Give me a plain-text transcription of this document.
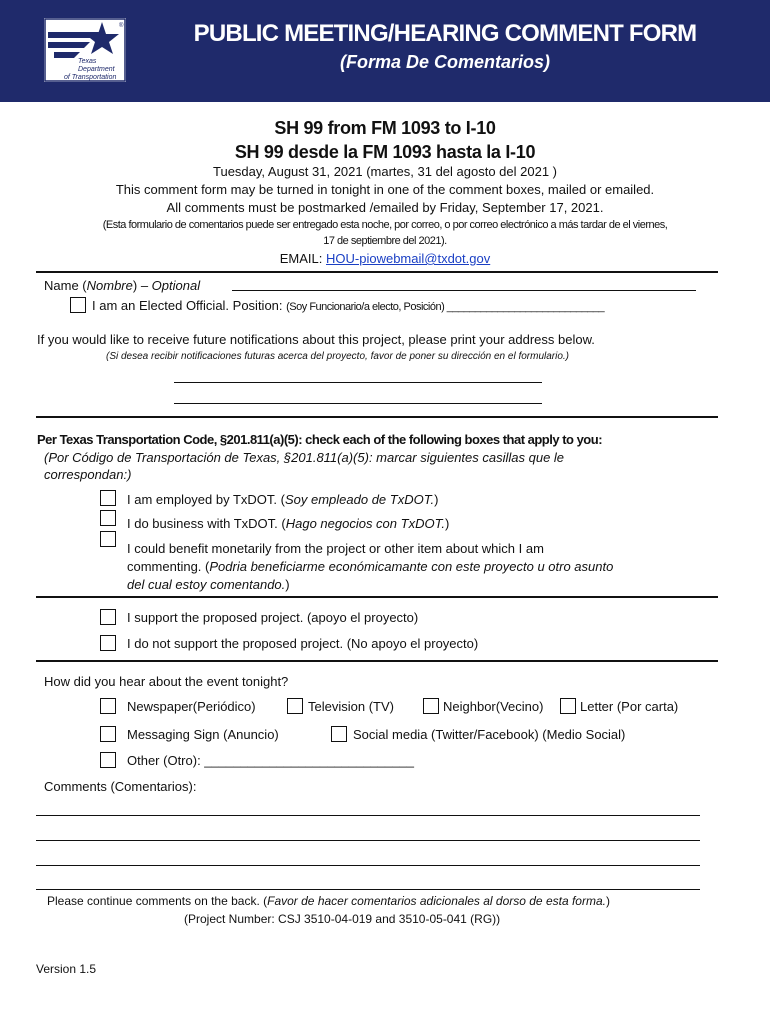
Texas
Department
of Transportation
®	PUBLIC MEETING/HEARING COMMENT FORM
(Forma De Comentarios)
SH 99 from FM 1093 to I-10
SH 99 desde la FM 1093 hasta la I-10
Tuesday, August 31, 2021 (martes, 31 del agosto del 2021 )
This comment form may be turned in tonight in one of the comment boxes, mailed or emailed.
All comments must be postmarked /emailed by Friday, September 17, 2021.
(Esta formulario de comentarios puede ser entregado esta noche, por correo, o por correo electrónico a más tardar de el viernes,
17 de septiembre del 2021).
EMAIL: HOU-piowebmail@txdot.gov
Name (Nombre) – Optional
I am an Elected Official. Position: (Soy Funcionario/a electo, Posición) ____________________________
If you would like to receive future notifications about this project, please print your address below.
(Si desea recibir notificaciones futuras acerca del proyecto, favor de poner su dirección en el formulario.)
Per Texas Transportation Code, §201.811(a)(5): check each of the following boxes that apply to you:
(Por Código de Transportación de Texas, §201.811(a)(5): marcar siguientes casillas que le
correspondan:)
I am employed by TxDOT. (Soy empleado de TxDOT.)
I do business with TxDOT. (Hago negocios con TxDOT.)
I could benefit monetarily from the project or other item about which I am
commenting. (Podria beneficiarme económicamante con este proyecto u otro asunto
del cual estoy comentando.)
I support the proposed project. (apoyo el proyecto)
I do not support the proposed project. (No apoyo el proyecto)
How did you hear about the event tonight?
Newspaper(Periódico)	Television (TV)	Neighbor(Vecino)	Letter (Por carta)
Messaging Sign (Anuncio)	Social media (Twitter/Facebook) (Medio Social)
Other (Otro): _____________________________
Comments (Comentarios):
Please continue comments on the back. (Favor de hacer comentarios adicionales al dorso de esta forma.)
(Project Number: CSJ 3510-04-019 and 3510-05-041 (RG))
Version 1.5
